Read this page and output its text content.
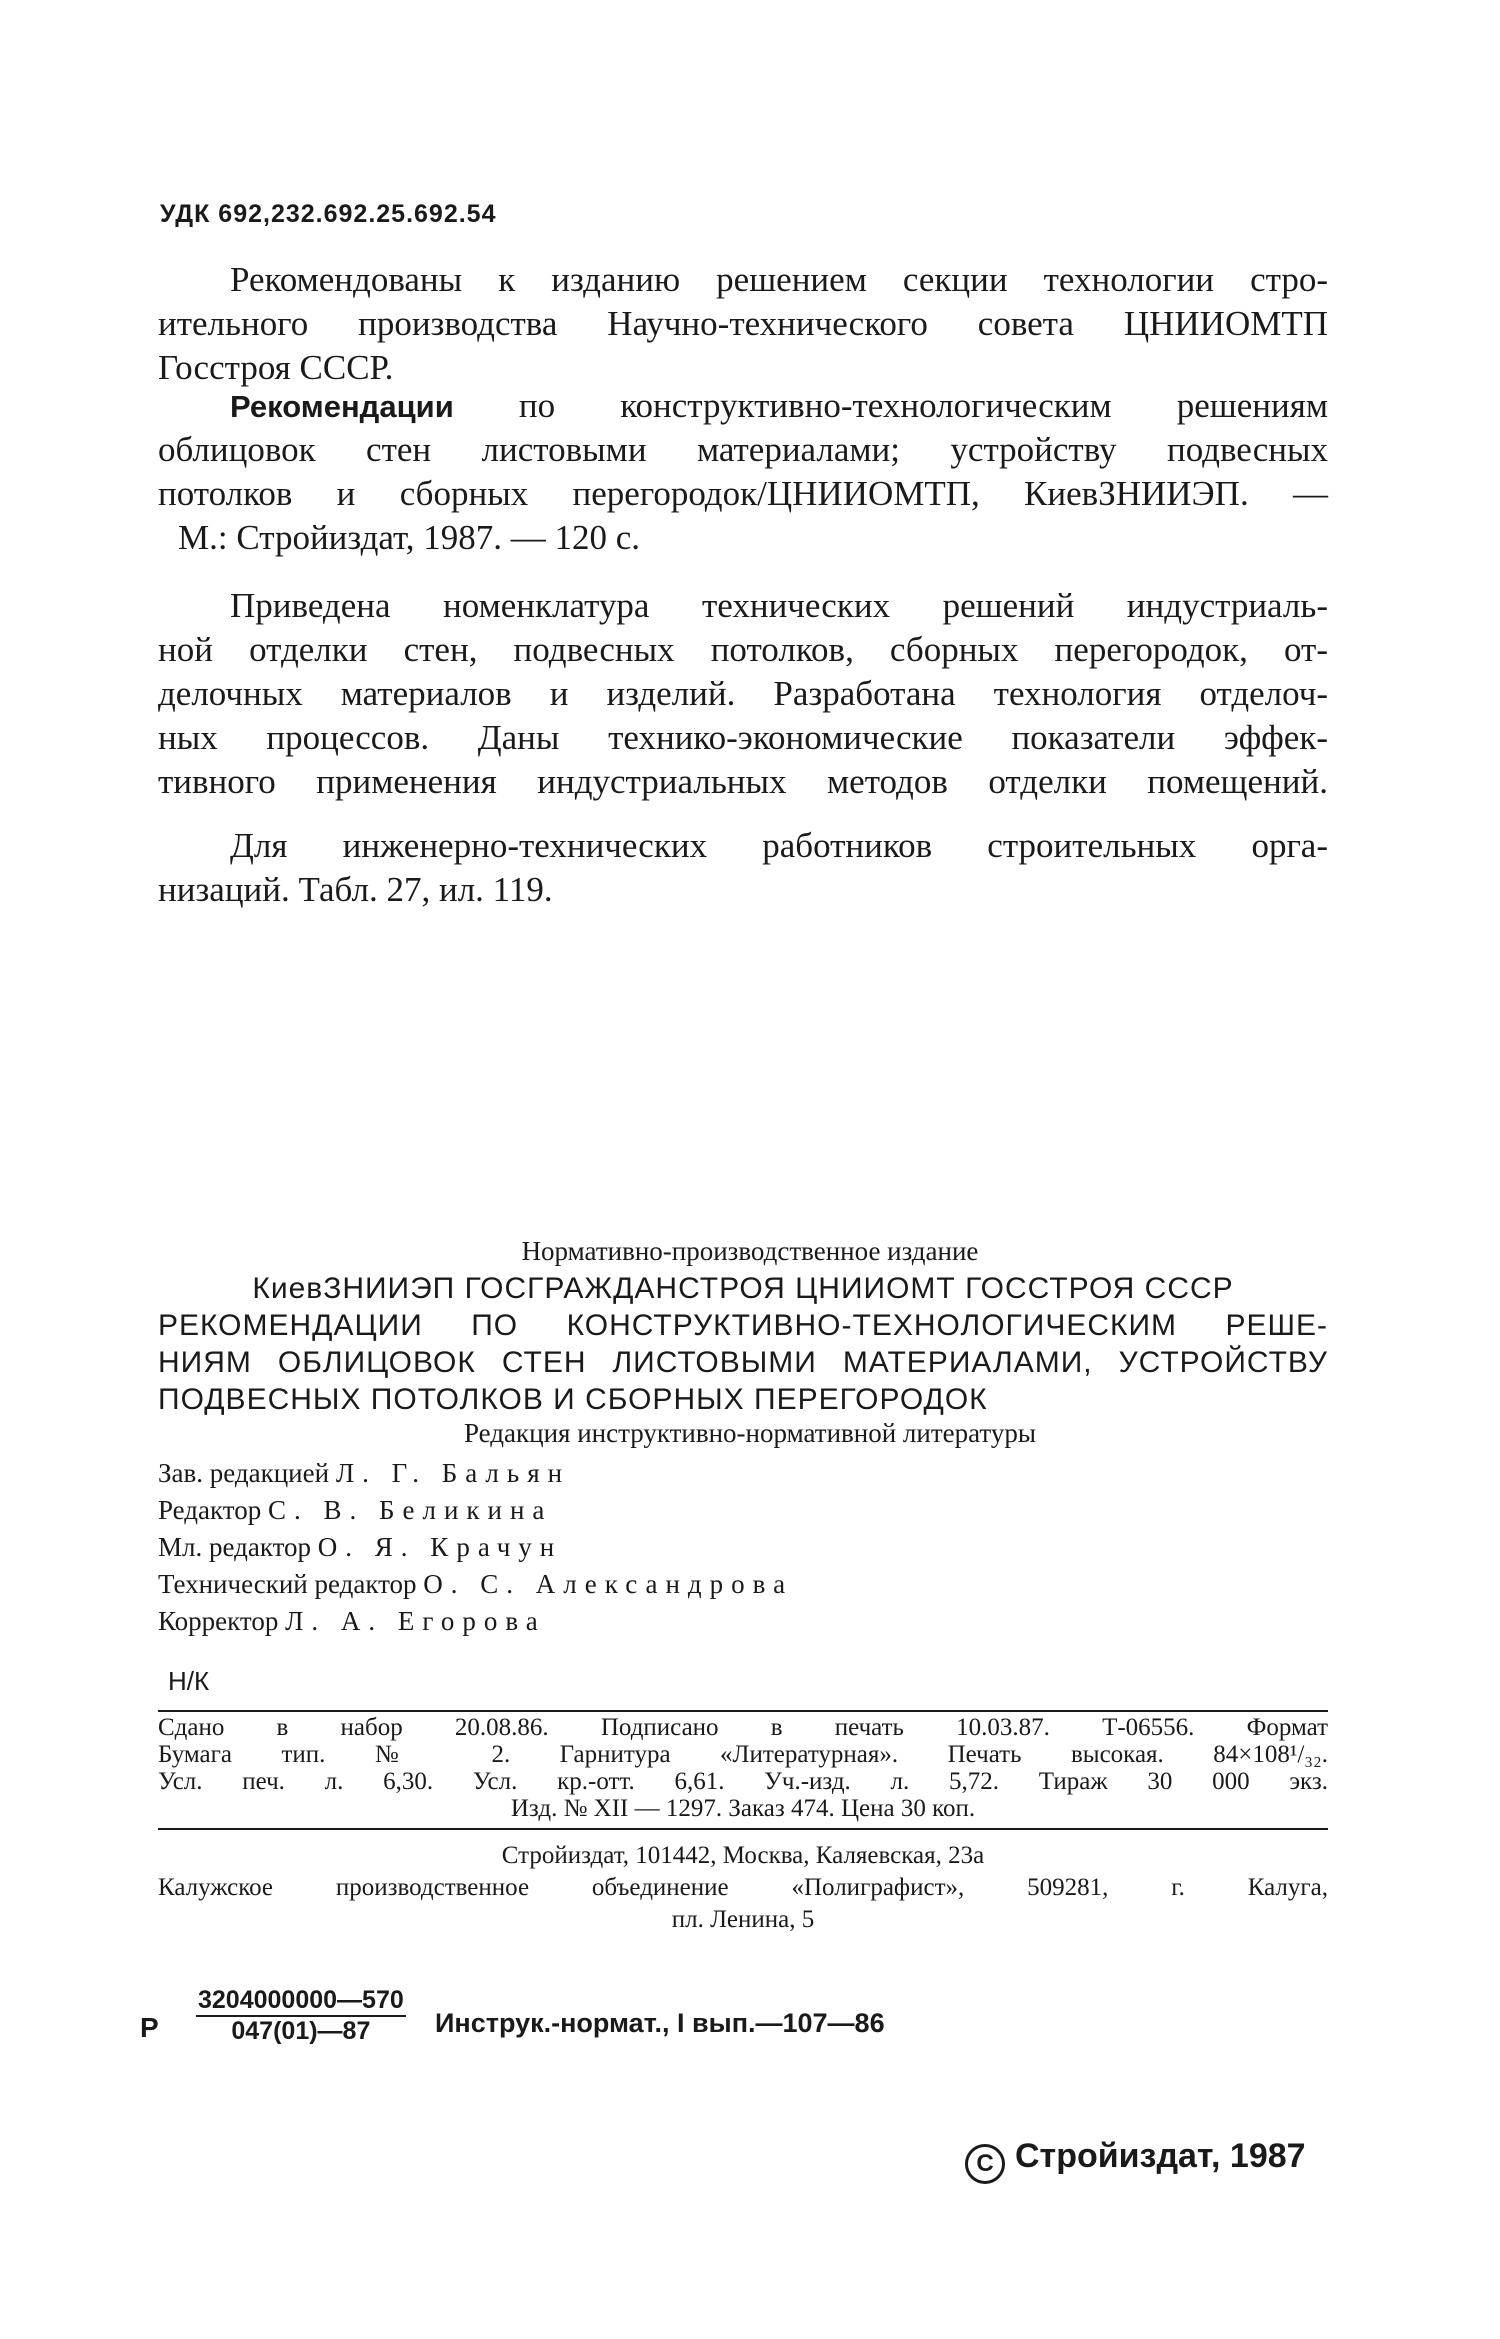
УДК 692,232.692.25.692.54
Рекомендованы к изданию решением секции технологии стро-
ительного производства Научно-технического совета ЦНИИОМТП
Госстроя СССР.
Рекомендации по конструктивно-технологическим решениям
облицовок стен листовыми материалами; устройству подвесных
потолков и сборных перегородок/ЦНИИОМТП, КиевЗНИИЭП. —
М.: Стройиздат, 1987. — 120 с.
Приведена номенклатура технических решений индустриаль-
ной отделки стен, подвесных потолков, сборных перегородок, от-
делочных материалов и изделий. Разработана технология отделоч-
ных процессов. Даны технико-экономические показатели эффек-
тивного применения индустриальных методов отделки помещений.
Для инженерно-технических работников строительных орга-
низаций. Табл. 27, ил. 119.
Нормативно-производственное издание
КиевЗНИИЭП ГОСГРАЖДАНСТРОЯ ЦНИИОМТ ГОССТРОЯ СССР
РЕКОМЕНДАЦИИ ПО КОНСТРУКТИВНО-ТЕХНОЛОГИЧЕСКИМ РЕШЕ-
НИЯМ ОБЛИЦОВОК СТЕН ЛИСТОВЫМИ МАТЕРИАЛАМИ, УСТРОЙСТВУ
ПОДВЕСНЫХ ПОТОЛКОВ И СБОРНЫХ ПЕРЕГОРОДОК
Редакция инструктивно-нормативной литературы
Зав. редакцией Л. Г. Бальян
Редактор С. В. Беликина
Мл. редактор О. Я. Крачун
Технический редактор О. С. Александрова
Корректор Л. А. Егорова
Н/К
Сдано в набор 20.08.86. Подписано в печать 10.03.87. Т-06556. Формат
Бумага тип. № 2. Гарнитура «Литературная». Печать высокая. 84×108¹/₃₂.
Усл. печ. л. 6,30. Усл. кр.-отт. 6,61. Уч.-изд. л. 5,72. Тираж 30 000 экз.
Изд. № XII — 1297. Заказ 474. Цена 30 коп.
Стройиздат, 101442, Москва, Каляевская, 23а
Калужское производственное объединение «Полиграфист», 509281, г. Калуга,
пл. Ленина, 5
Р $\frac{3204000000—570}{047(01)—87}$ Инструк.-нормат., I вып.—107—86
C Стройиздат, 1987
